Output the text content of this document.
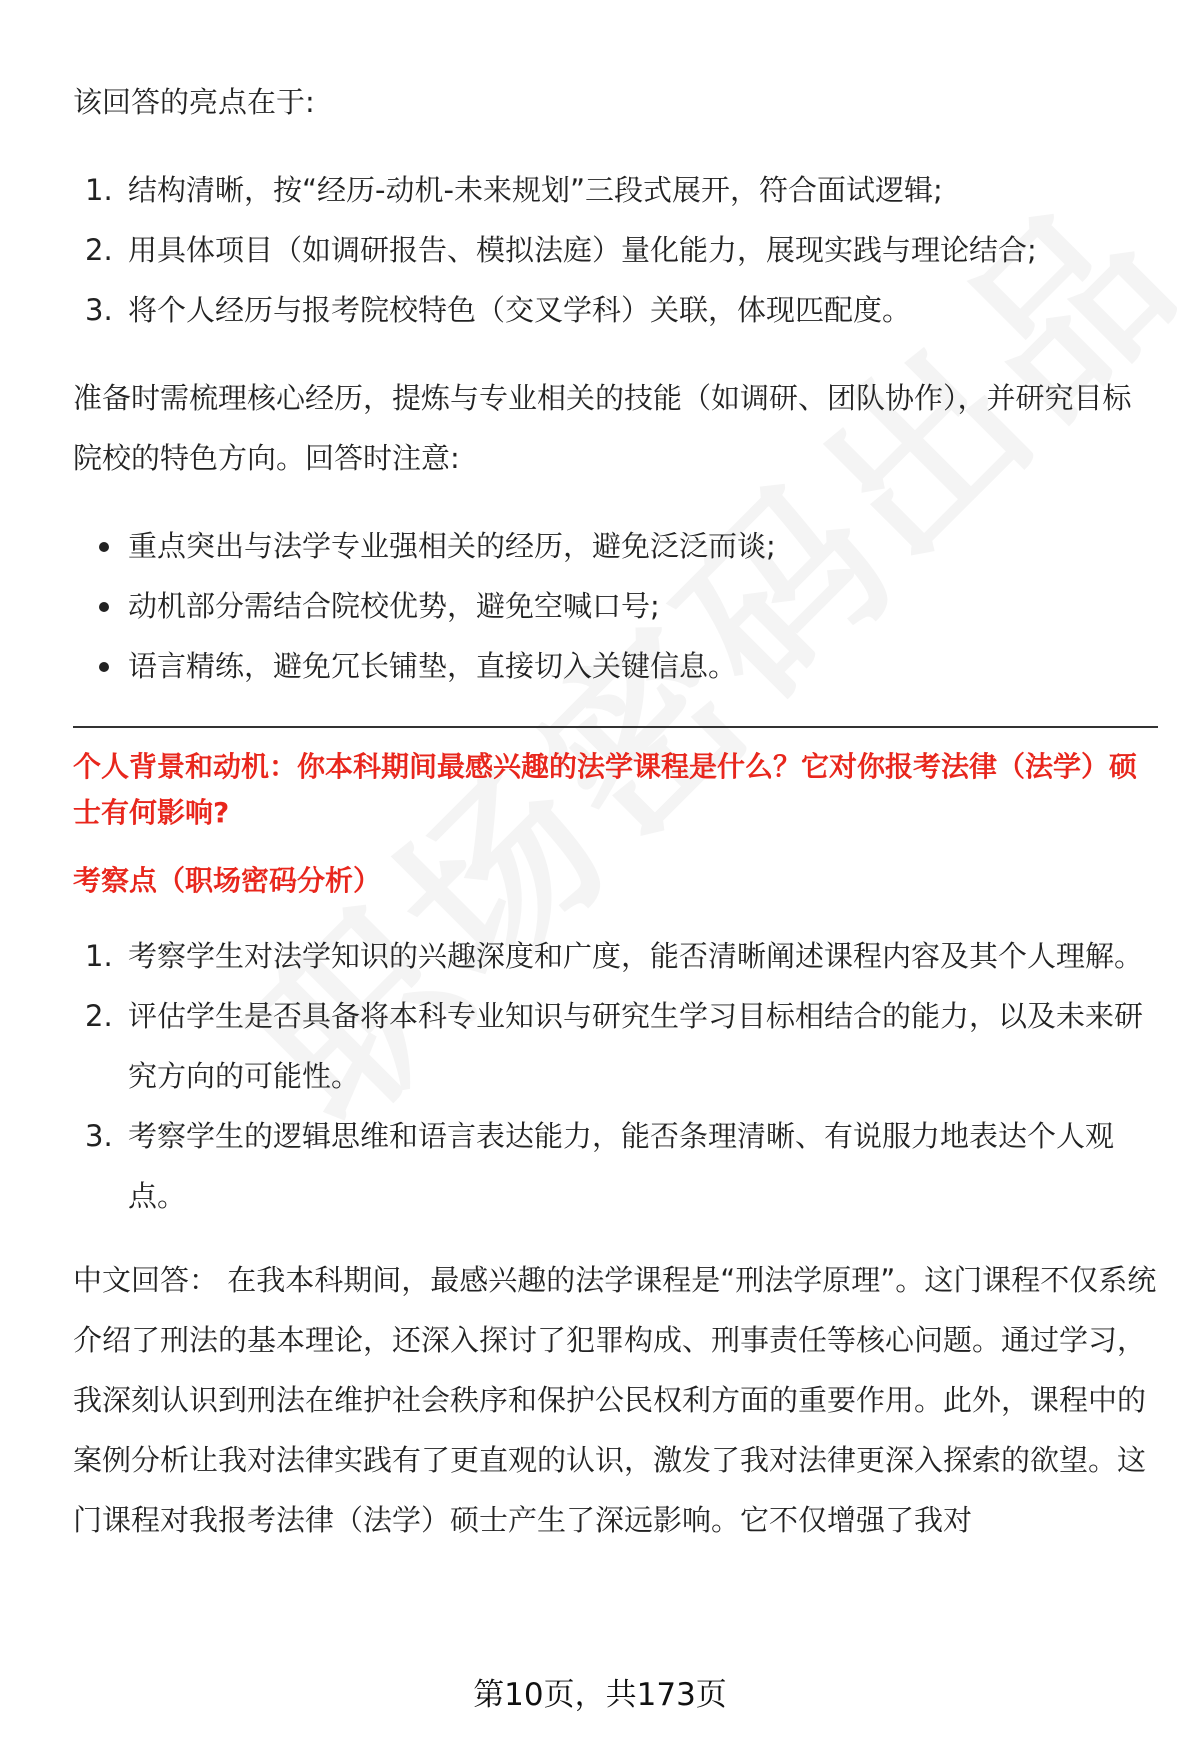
该回答的亮点在于:

1. 结构清晰，按“经历-动机-未来规划”三段式展开，符合面试逻辑;
2. 用具体项目（如调研报告、模拟法庭）量化能力，展现实践与理论结合;
3. 将个人经历与报考院校特色（交叉学科）关联，体现匹配度。

准备时需梳理核心经历，提炼与专业相关的技能（如调研、团队协作），并研究目标院校的特色方向。回答时注意:

重点突出与法学专业强相关的经历，避免泛泛而谈;
动机部分需结合院校优势，避免空喊口号;
语言精练，避免冗长铺垫，直接切入关键信息。
个人背景和动机：你本科期间最感兴趣的法学课程是什么？它对你报考法律（法学）硕士有何影响?
考察点（职场密码分析）
1. 考察学生对法学知识的兴趣深度和广度，能否清晰阐述课程内容及其个人理解。
2. 评估学生是否具备将本科专业知识与研究生学习目标相结合的能力，以及未来研究方向的可能性。
3. 考察学生的逻辑思维和语言表达能力，能否条理清晰、有说服力地表达个人观点。

中文回答： 在我本科期间，最感兴趣的法学课程是“刑法学原理”。这门课程不仅系统介绍了刑法的基本理论，还深入探讨了犯罪构成、刑事责任等核心问题。通过学习，我深刻认识到刑法在维护社会秩序和保护公民权利方面的重要作用。此外，课程中的案例分析让我对法律实践有了更直观的认识，激发了我对法律更深入探索的欲望。这门课程对我报考法律（法学）硕士产生了深远影响。它不仅增强了我对

第10页，共173页
